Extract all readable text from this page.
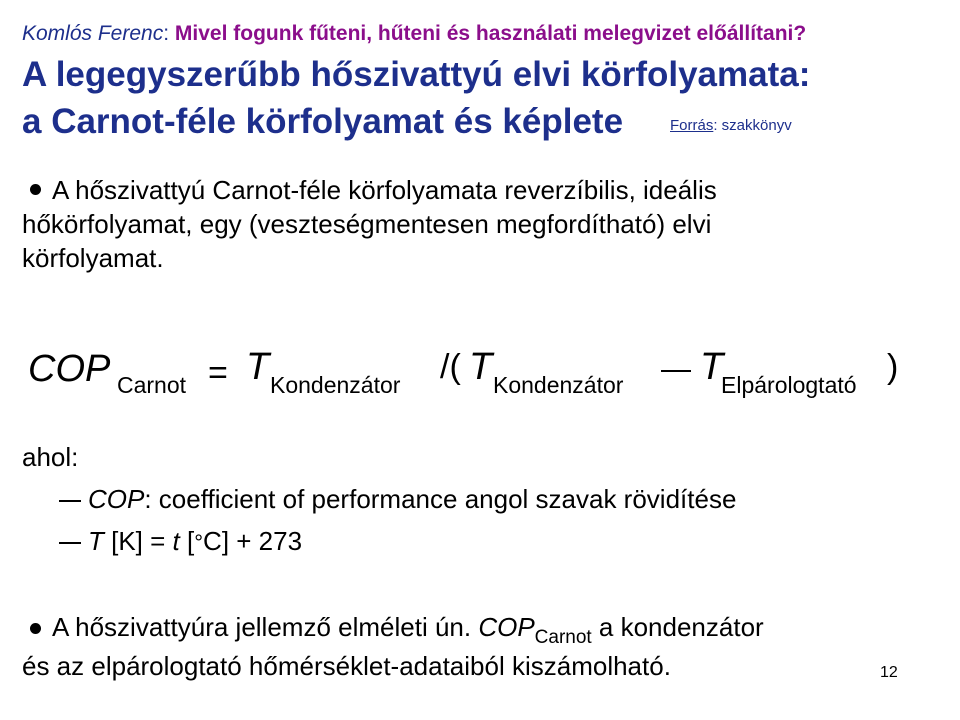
Komlós Ferenc: Mivel fogunk fűteni, hűteni és használati melegvizet előállítani?
A legegyszerűbb hőszivattyú elvi körfolyamata:
a Carnot-féle körfolyamat és képlete	Forrás: szakkönyv
A hőszivattyú Carnot-féle körfolyamata reverzíbilis, ideális
hőkörfolyamat, egy (veszteségmentesen megfordítható) elvi
körfolyamat.
COP Carnot = T Kondenzátor /( T Kondenzátor T
Elpárologtató )
ahol:
COP: coefficient of performance angol szavak rövidítése
T [K] = t [°C] + 273
A hőszivattyúra jellemző elméleti ún. $COP_{Carnot}$ a kondenzátor
és az elpárologtató hőmérséklet-adataiból kiszámolható.	12
